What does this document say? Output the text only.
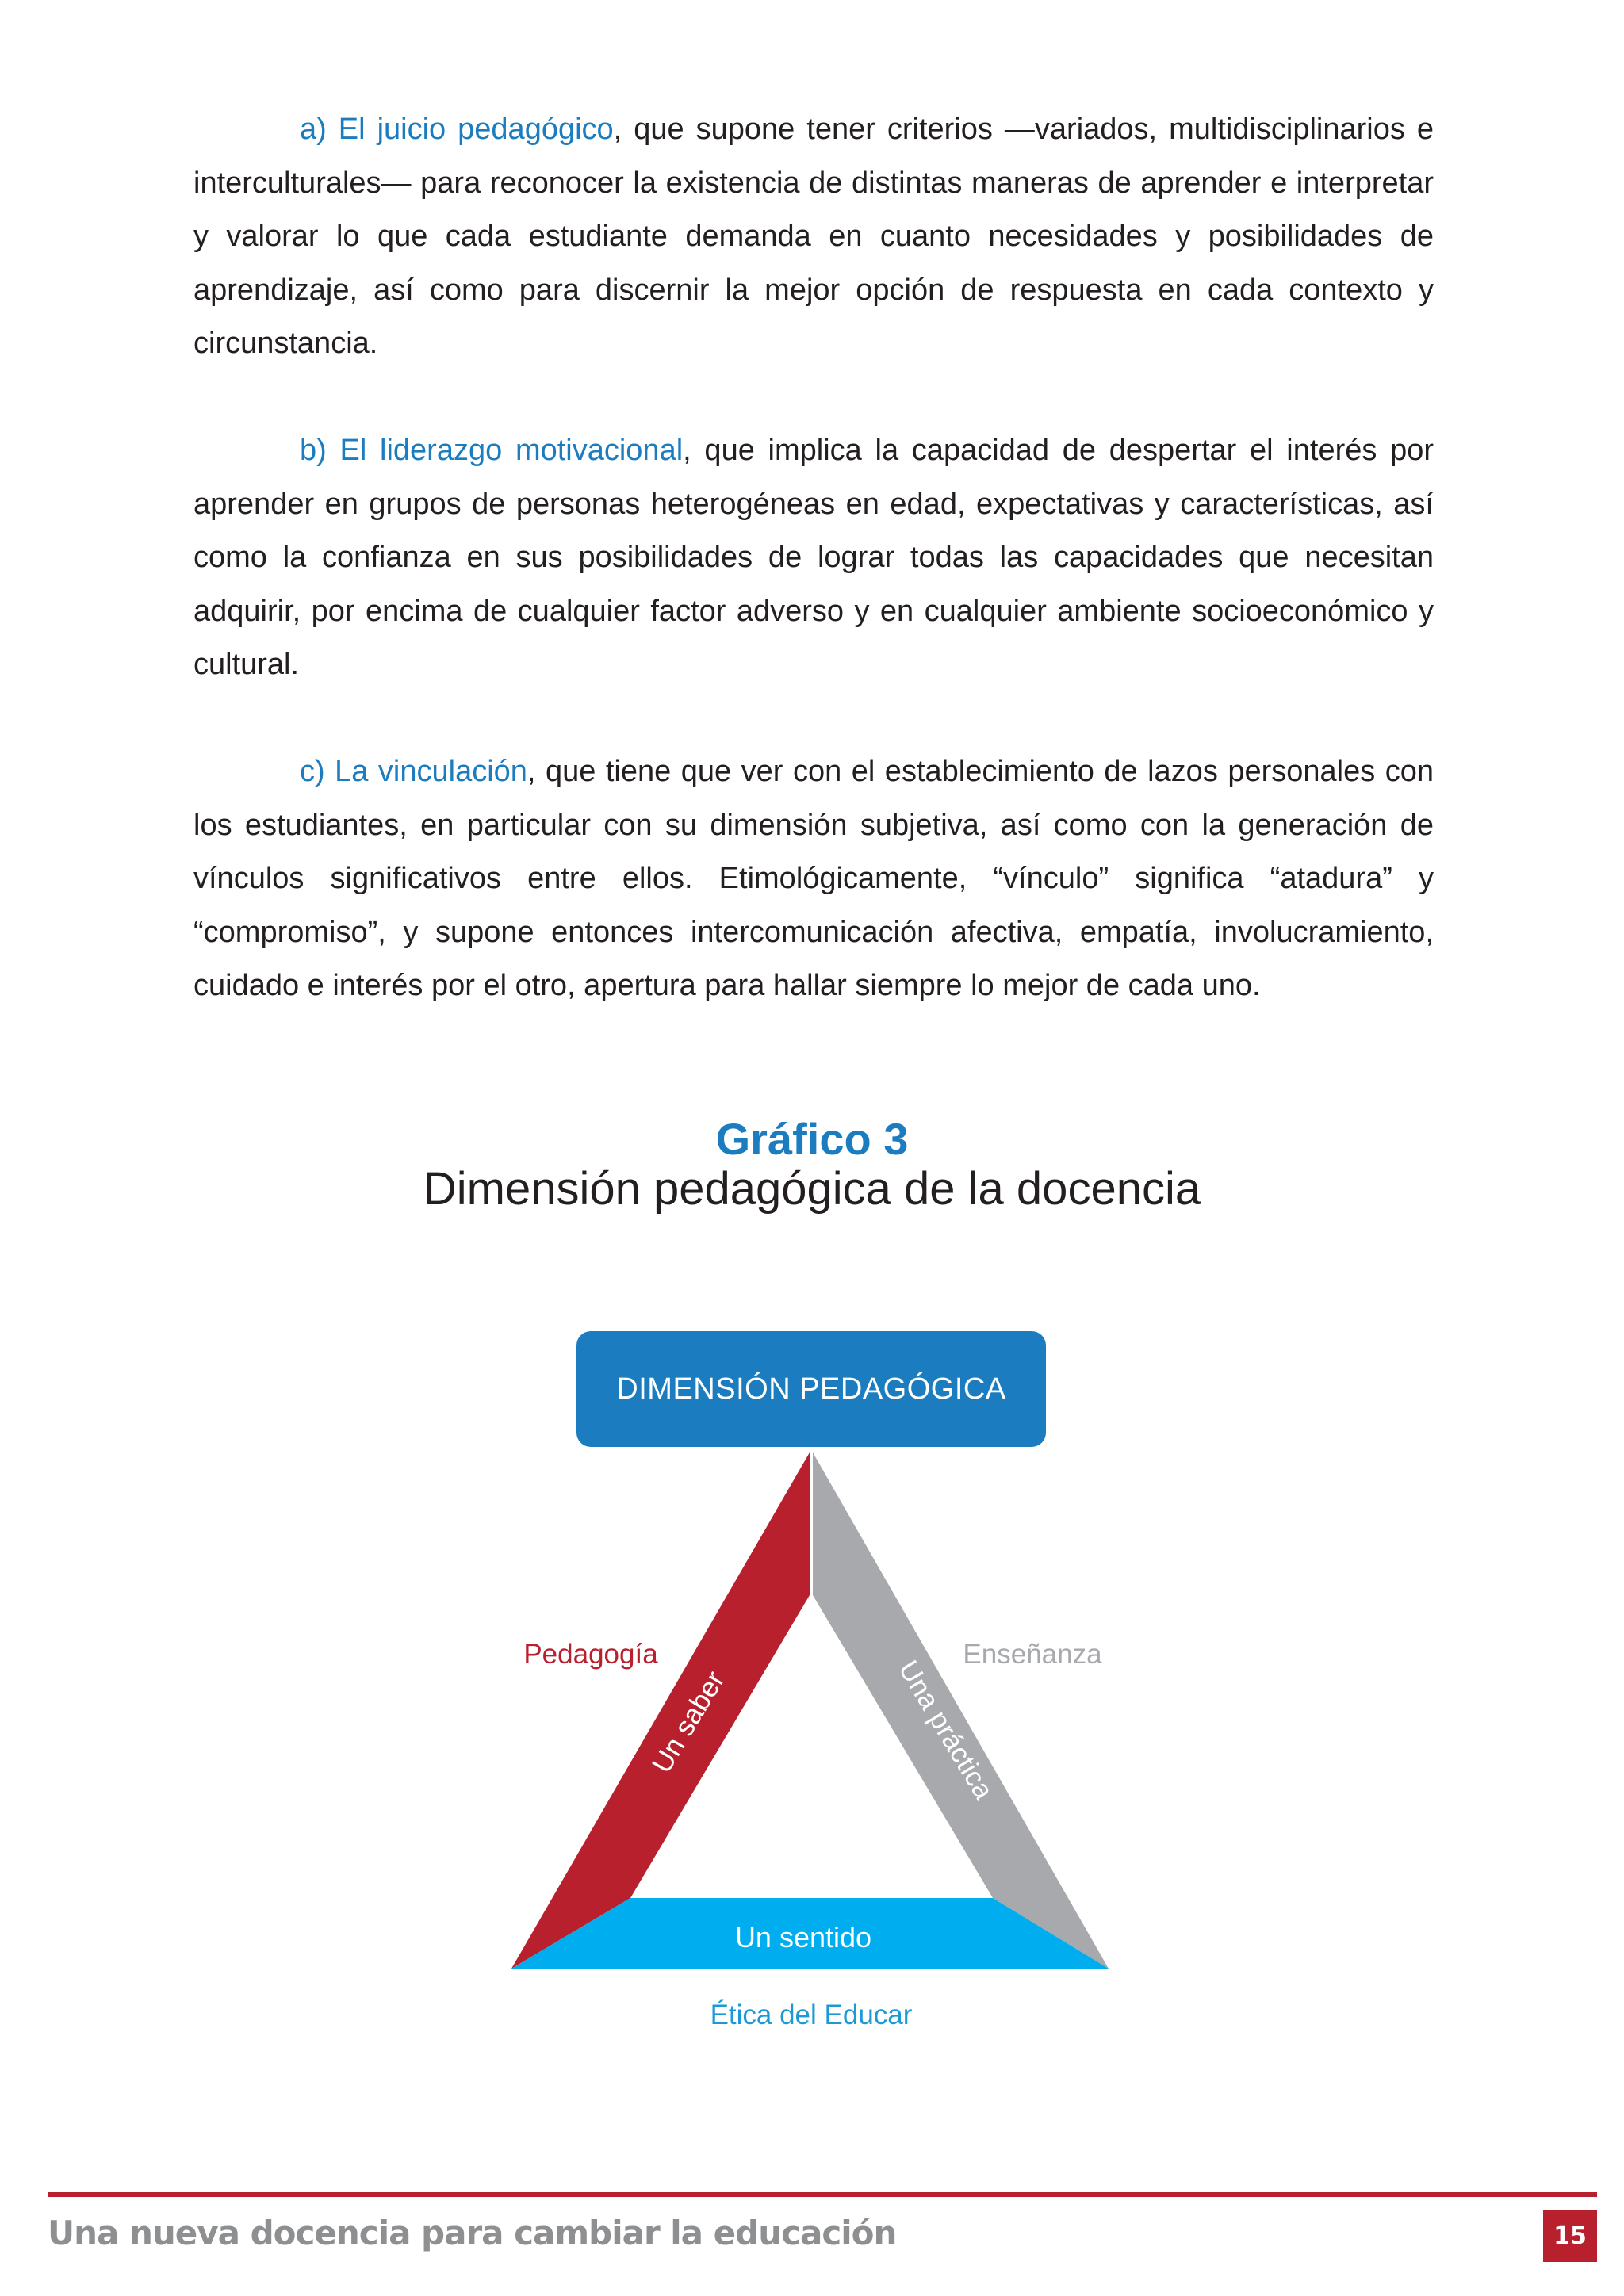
a) El juicio pedagógico, que supone tener criterios —variados, multidisciplinarios e interculturales— para reconocer la existencia de distintas maneras de aprender e interpretar y valorar lo que cada estudiante demanda en cuanto necesidades y posibilidades de aprendizaje, así como para discernir la mejor opción de respuesta en cada contexto y circunstancia.

b) El liderazgo motivacional, que implica la capacidad de despertar el interés por aprender en grupos de personas heterogéneas en edad, expectativas y características, así como la confianza en sus posibilidades de lograr todas las capacidades que necesitan adquirir, por encima de cualquier factor adverso y en cualquier ambiente socioeconómico y cultural.

c) La vinculación, que tiene que ver con el establecimiento de lazos personales con los estudiantes, en particular con su dimensión subjetiva, así como con la generación de vínculos significativos entre ellos. Etimológicamente, “vínculo” significa “atadura” y “compromiso”, y supone entonces intercomunicación afectiva, empatía, involucramiento, cuidado e interés por el otro, apertura para hallar siempre lo mejor de cada uno.

Gráfico 3
Dimensión pedagógica de la docencia
DIMENSIÓN PEDAGÓGICA
Pedagogía	Enseñanza
Ética del Educar
Un saber	Una práctica
Un sentido
Una nueva docencia para cambiar la educación	15
